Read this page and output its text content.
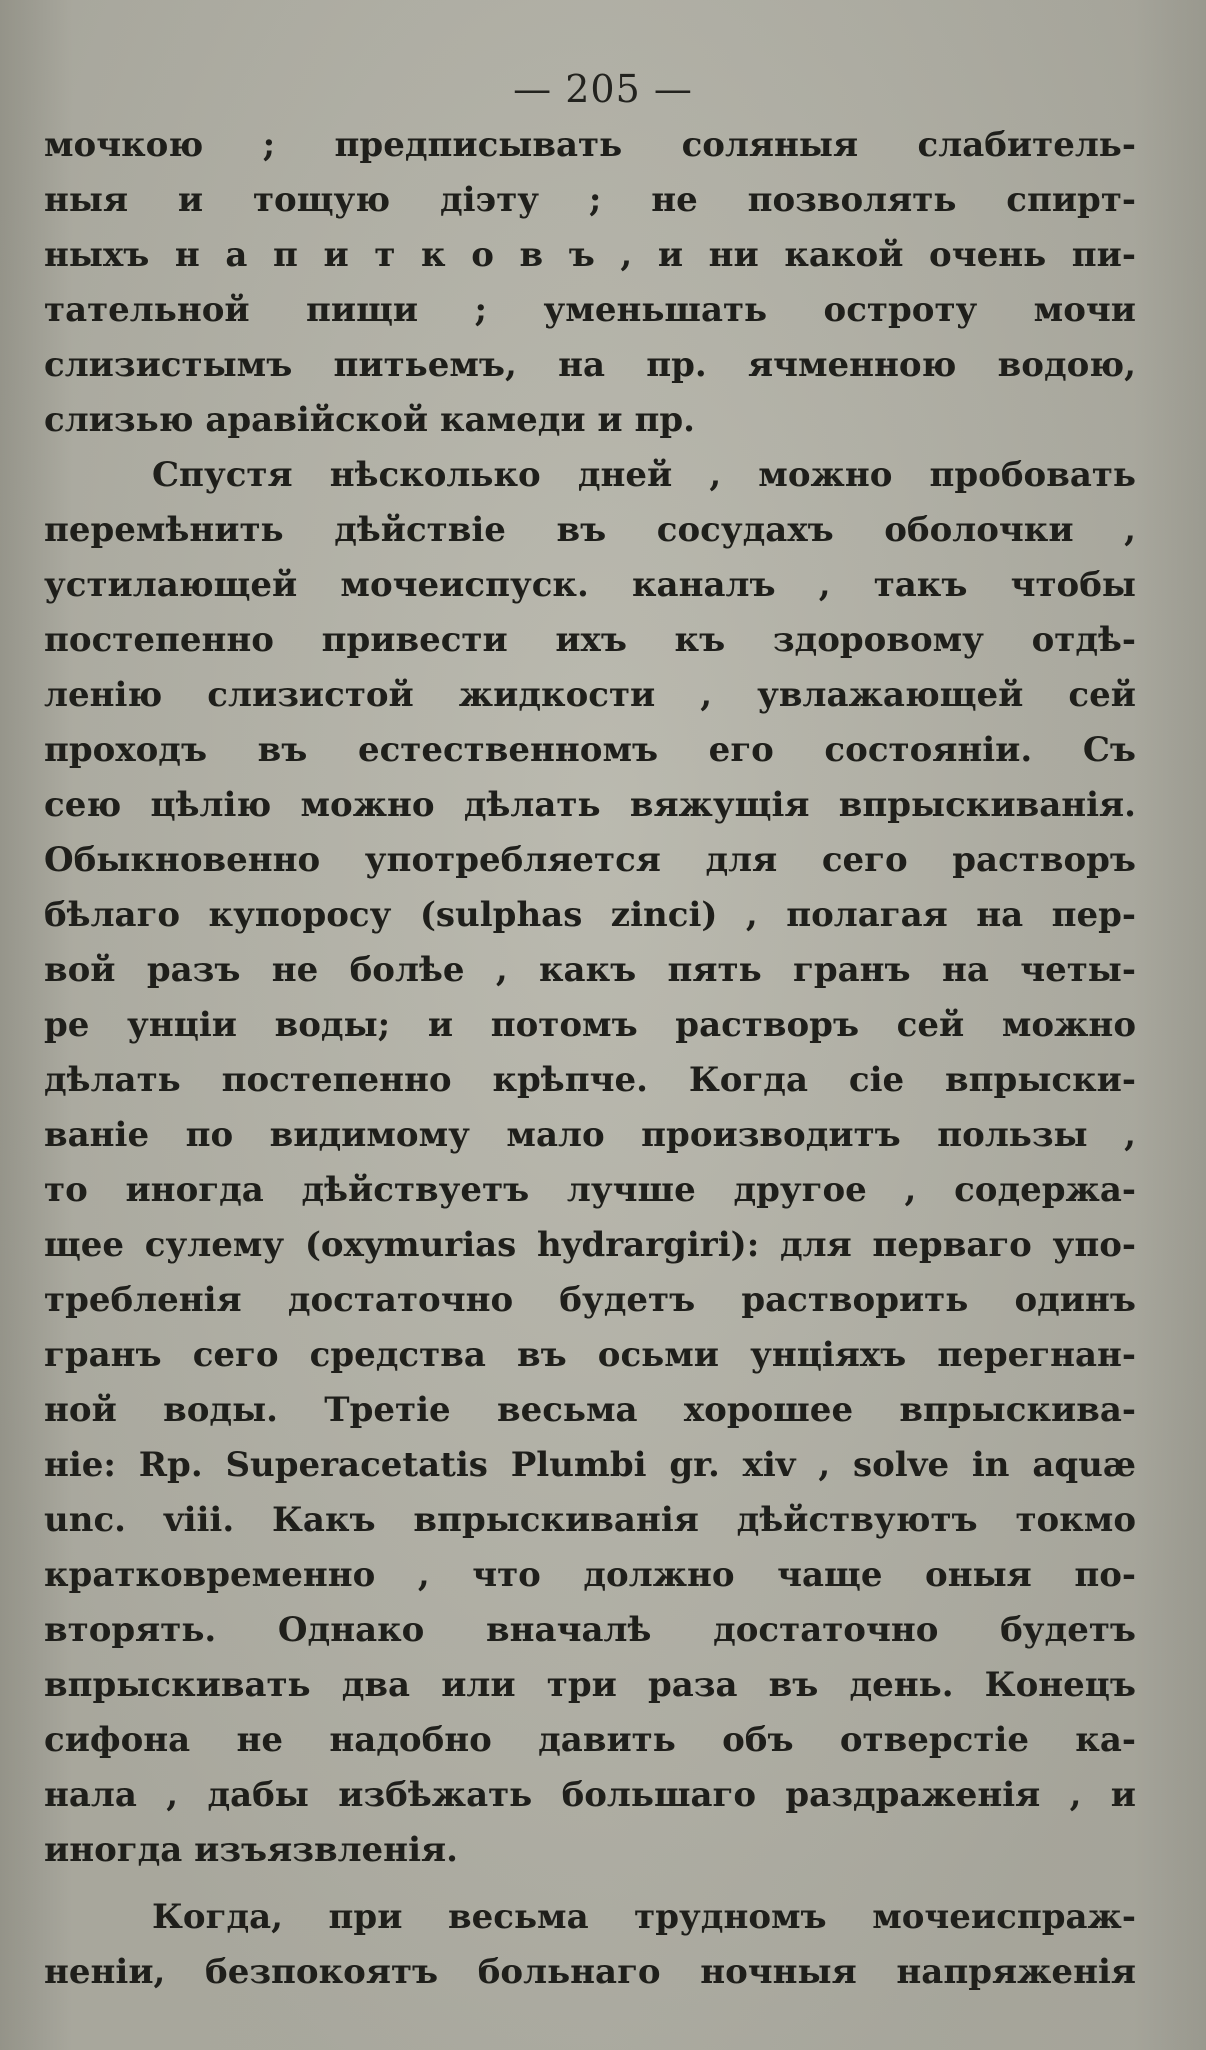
— 205 —
мочкою ; предписывать соляныя слабитель-
ныя и тощую дiэту ; не позволять спирт-
ныхъ н а п и т к о в ъ , и ни какой очень пи-
тательной пищи ; уменьшать остроту мочи
слизистымъ питьемъ, на пр. ячменною водою,
слизью аравiйской камеди и пр.
Спустя нѣсколько дней , можно пробовать
перемѣнить дѣйствiе въ сосудахъ оболочки ,
устилающей мочеиспуск. каналъ , такъ чтобы
постепенно привести ихъ къ здоровому отдѣ-
ленiю слизистой жидкости , увлажающей сей
проходъ въ естественномъ его состоянiи. Съ
сею цѣлiю можно дѣлать вяжущiя впрыскиванiя.
Обыкновенно употребляется для сего растворъ
бѣлаго купоросу (sulphas zinci) , полагая на пер-
вой разъ не болѣе , какъ пять гранъ на четы-
ре унцiи воды; и потомъ растворъ сей можно
дѣлать постепенно крѣпче. Когда сiе впрыски-
ванiе по видимому мало производитъ пользы ,
то иногда дѣйствуетъ лучше другое , содержа-
щее сулему (oxymurias hydrargiri): для перваго упо-
требленiя достаточно будетъ растворить одинъ
гранъ сего средства въ осьми унцiяхъ перегнан-
ной воды. Третiе весьма хорошее впрыскива-
нiе: Rp. Superacetatis Plumbi gr. xiv , solve in aquæ
unc. viii. Какъ впрыскиванiя дѣйствуютъ токмо
кратковременно , что должно чаще оныя по-
вторять. Однако вначалѣ достаточно будетъ
впрыскивать два или три раза въ день. Конецъ
сифона не надобно давить объ отверстiе ка-
нала , дабы избѣжать большаго раздраженiя , и
иногда изъязвленiя.
Когда, при весьма трудномъ мочеиспраж-
ненiи, безпокоятъ больнаго ночныя напряженiя
